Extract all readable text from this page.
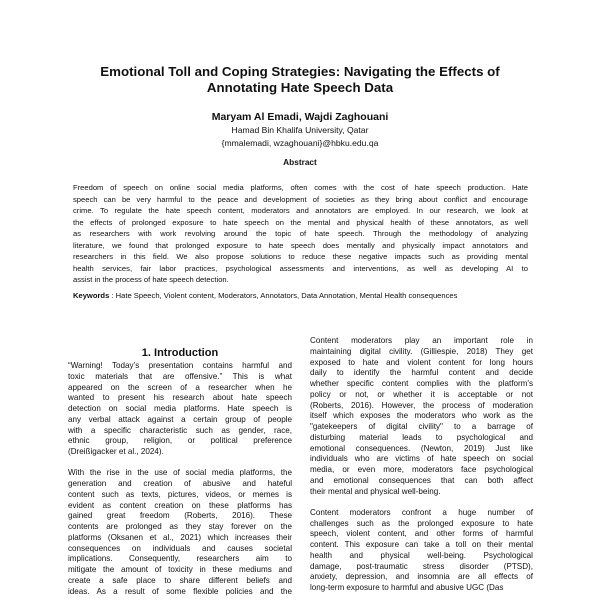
Emotional Toll and Coping Strategies: Navigating the Effects of
Annotating Hate Speech Data
Maryam Al Emadi, Wajdi Zaghouani
Hamad Bin Khalifa University, Qatar
{mmalemadi, wzaghouani}@hbku.edu.qa
Abstract
Freedom of speech on online social media platforms, often comes with the cost of hate speech production. Hate
speech can be very harmful to the peace and development of societies as they bring about conflict and encourage
crime. To regulate the hate speech content, moderators and annotators are employed. In our research, we look at
the effects of prolonged exposure to hate speech on the mental and physical health of these annotators, as well
as researchers with work revolving around the topic of hate speech. Through the methodology of analyzing
literature, we found that prolonged exposure to hate speech does mentally and physically impact annotators and
researchers in this field. We also propose solutions to reduce these negative impacts such as providing mental
health services, fair labor practices, psychological assessments and interventions, as well as developing AI to
assist in the process of hate speech detection.
Keywords : Hate Speech, Violent content, Moderators, Annotators, Data Annotation, Mental Health consequences
1. Introduction
“Warning! Today’s presentation contains harmful and
toxic materials that are offensive.” This is what
appeared on the screen of a researcher when he
wanted to present his research about hate speech
detection on social media platforms. Hate speech is
any verbal attack against a certain group of people
with a specific characteristic such as gender, race,
ethnic group, religion, or political preference
(Dreißigacker et al., 2024).
With the rise in the use of social media platforms, the
generation and creation of abusive and hateful
content such as texts, pictures, videos, or memes is
evident as content creation on these platforms has
gained great freedom (Roberts, 2016). These
contents are prolonged as they stay forever on the
platforms (Oksanen et al., 2021) which increases their
consequences on individuals and causes societal
implications. Consequently, researchers aim to
mitigate the amount of toxicity in these mediums and
create a safe place to share different beliefs and
ideas. As a result of some flexible policies and the
Content moderators play an important role in
maintaining digital civility. (Gilliespie, 2018) They get
exposed to hate and violent content for long hours
daily to identify the harmful content and decide
whether specific content complies with the platform's
policy or not, or whether it is acceptable or not
(Roberts, 2016). However, the process of moderation
itself which exposes the moderators who work as the
"gatekeepers of digital civility" to a barrage of
disturbing material leads to psychological and
emotional consequences. (Newton, 2019) Just like
individuals who are victims of hate speech on social
media, or even more, moderators face psychological
and emotional consequences that can both affect
their mental and physical well-being.
Content moderators confront a huge number of
challenges such as the prolonged exposure to hate
speech, violent content, and other forms of harmful
content. This exposure can take a toll on their mental
health and physical well-being. Psychological
damage, post-traumatic stress disorder (PTSD),
anxiety, depression, and insomnia are all effects of
long-term exposure to harmful and abusive UGC (Das
